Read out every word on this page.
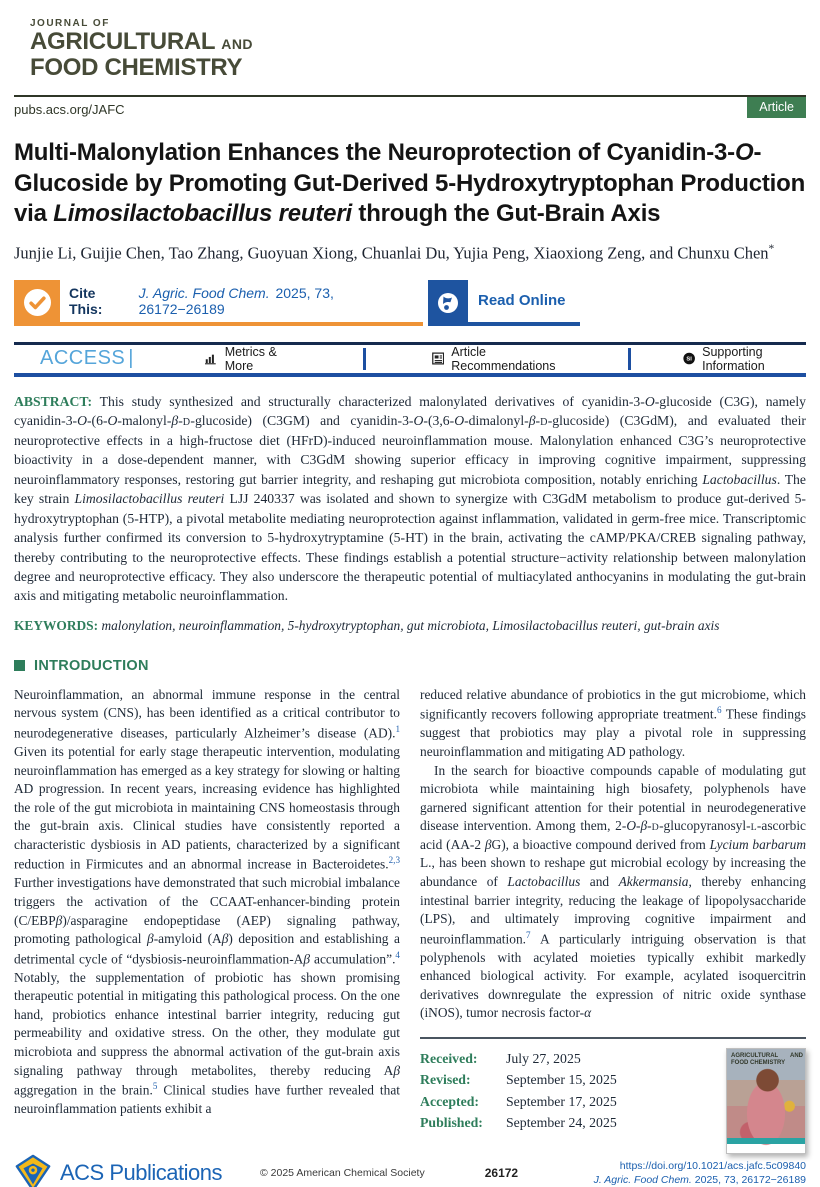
JOURNAL OF
AGRICULTURAL AND
FOOD CHEMISTRY
pubs.acs.org/JAFC	Article
Multi-Malonylation Enhances the Neuroprotection of Cyanidin-3-O-Glucoside by Promoting Gut-Derived 5-Hydroxytryptophan Production via Limosilactobacillus reuteri through the Gut-Brain Axis
Junjie Li, Guijie Chen, Tao Zhang, Guoyuan Xiong, Chuanlai Du, Yujia Peng, Xiaoxiong Zeng, and Chunxu Chen*
Cite This:
J. Agric. Food Chem. 2025, 73, 26172−26189	Read Online
ACCESS |	Metrics & More
Article Recommendations	SI
Supporting Information

ABSTRACT: This study synthesized and structurally characterized malonylated derivatives of cyanidin-3-O-glucoside (C3G), namely cyanidin-3-O-(6-O-malonyl-β-D-glucoside) (C3GM) and cyanidin-3-O-(3,6-O-dimalonyl-β-D-glucoside) (C3GdM), and evaluated their neuroprotective effects in a high-fructose diet (HFrD)-induced neuroinflammation mouse. Malonylation enhanced C3G’s neuroprotective bioactivity in a dose-dependent manner, with C3GdM showing superior efficacy in improving cognitive impairment, suppressing neuroinflammatory responses, restoring gut barrier integrity, and reshaping gut microbiota composition, notably enriching Lactobacillus. The key strain Limosilactobacillus reuteri LJJ 240337 was isolated and shown to synergize with C3GdM metabolism to produce gut-derived 5-hydroxytryptophan (5-HTP), a pivotal metabolite mediating neuroprotection against inflammation, validated in germ-free mice. Transcriptomic analysis further confirmed its conversion to 5-hydroxytryptamine (5-HT) in the brain, activating the cAMP/PKA/CREB signaling pathway, thereby contributing to the neuroprotective effects. These findings establish a potential structure−activity relationship between malonylation degree and neuroprotective efficacy. They also underscore the therapeutic potential of multiacylated anthocyanins in modulating the gut-brain axis and mitigating metabolic neuroinflammation.

KEYWORDS: malonylation, neuroinflammation, 5-hydroxytryptophan, gut microbiota, Limosilactobacillus reuteri, gut-brain axis

INTRODUCTION

Neuroinflammation, an abnormal immune response in the central nervous system (CNS), has been identified as a critical contributor to neurodegenerative diseases, particularly Alzheimer’s disease (AD).$^1$ Given its potential for early stage therapeutic intervention, modulating neuroinflammation has emerged as a key strategy for slowing or halting AD progression. In recent years, increasing evidence has highlighted the role of the gut microbiota in maintaining CNS homeostasis through the gut-brain axis. Clinical studies have consistently reported a characteristic dysbiosis in AD patients, characterized by a significant reduction in Firmicutes and an abnormal increase in Bacteroidetes.$^{2,3}$ Further investigations have demonstrated that such microbial imbalance triggers the activation of the CCAAT-enhancer-binding protein (C/EBPβ)/asparagine endopeptidase (AEP) signaling pathway, promoting pathological β-amyloid (Aβ) deposition and establishing a detrimental cycle of “dysbiosis-neuroinflammation-Aβ accumulation”.$^4$ Notably, the supplementation of probiotic has shown promising therapeutic potential in mitigating this pathological process. On the one hand, probiotics enhance intestinal barrier integrity, reducing gut permeability and oxidative stress. On the other, they modulate gut microbiota and suppress the abnormal activation of the gut-brain axis signaling pathway through metabolites, thereby reducing Aβ aggregation in the brain.$^5$ Clinical studies have further revealed that neuroinflammation patients exhibit a

reduced relative abundance of probiotics in the gut microbiome, which significantly recovers following appropriate treatment.$^6$ These findings suggest that probiotics may play a pivotal role in suppressing neuroinflammation and mitigating AD pathology.

In the search for bioactive compounds capable of modulating gut microbiota while maintaining high biosafety, polyphenols have garnered significant attention for their potential in neurodegenerative disease intervention. Among them, 2-O-β-D-glucopyranosyl-L-ascorbic acid (AA-2 βG), a bioactive compound derived from Lycium barbarum L., has been shown to reshape gut microbial ecology by increasing the abundance of Lactobacillus and Akkermansia, thereby enhancing intestinal barrier integrity, reducing the leakage of lipopolysaccharide (LPS), and ultimately improving cognitive impairment and neuroinflammation.$^7$ A particularly intriguing observation is that polyphenols with acylated moieties typically exhibit markedly enhanced biological activity. For example, acylated isoquercitrin derivatives downregulate the expression of nitric oxide synthase (iNOS), tumor necrosis factor-α

Received:	July 27, 2025
Revised:	September 15, 2025
Accepted:	September 17, 2025
Published:	September 24, 2025
AGRICULTURAL AND FOOD CHEMISTRY
ACS Publications	© 2025 American Chemical Society	26172
https://doi.org/10.1021/acs.jafc.5c09840
J. Agric. Food Chem. 2025, 73, 26172−26189
